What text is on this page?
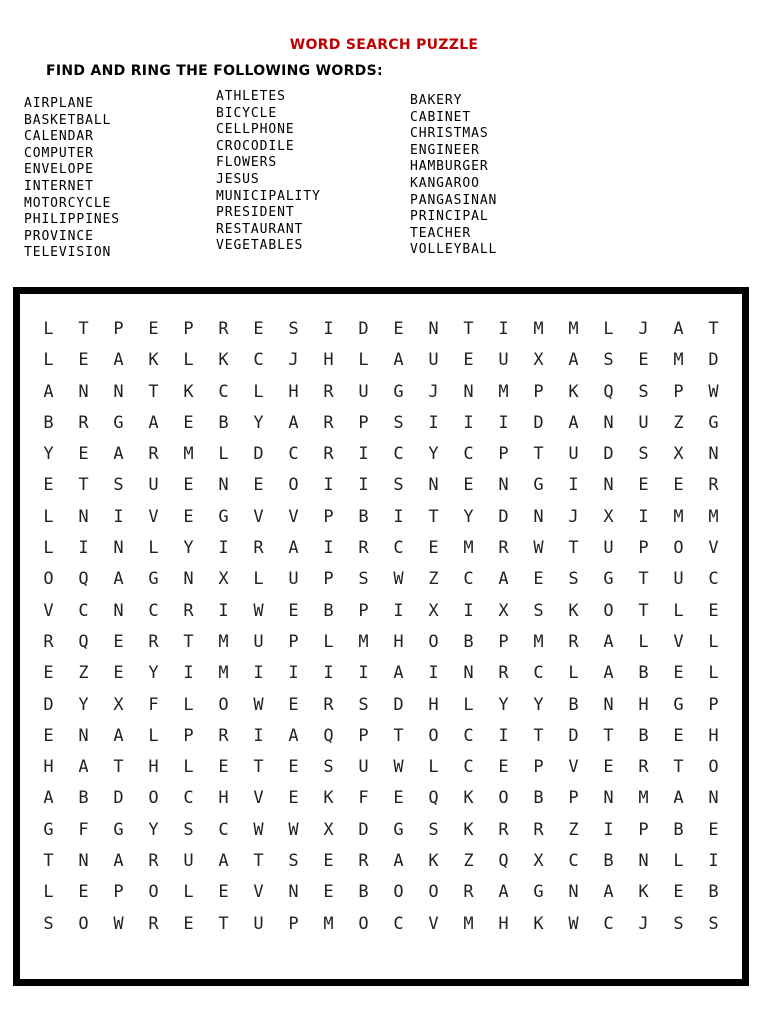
WORD SEARCH PUZZLE
FIND AND RING THE FOLLOWING WORDS:
AIRPLANE
BASKETBALL
CALENDAR
COMPUTER
ENVELOPE
INTERNET
MOTORCYCLE
PHILIPPINES
PROVINCE
TELEVISION
ATHLETES
BICYCLE
CELLPHONE
CROCODILE
FLOWERS
JESUS
MUNICIPALITY
PRESIDENT
RESTAURANT
VEGETABLES
BAKERY
CABINET
CHRISTMAS
ENGINEER
HAMBURGER
KANGAROO
PANGASINAN
PRINCIPAL
TEACHER
VOLLEYBALL
L	T	P	E	P	R	E	S	I	D	E	N	T	I	M	M	L	J	A	T
L	E	A	K	L	K	C	J	H	L	A	U	E	U	X	A	S	E	M	D
A	N	N	T	K	C	L	H	R	U	G	J	N	M	P	K	Q	S	P	W
B	R	G	A	E	B	Y	A	R	P	S	I	I	I	D	A	N	U	Z	G
Y	E	A	R	M	L	D	C	R	I	C	Y	C	P	T	U	D	S	X	N
E	T	S	U	E	N	E	O	I	I	S	N	E	N	G	I	N	E	E	R
L	N	I	V	E	G	V	V	P	B	I	T	Y	D	N	J	X	I	M	M
L	I	N	L	Y	I	R	A	I	R	C	E	M	R	W	T	U	P	O	V
O	Q	A	G	N	X	L	U	P	S	W	Z	C	A	E	S	G	T	U	C
V	C	N	C	R	I	W	E	B	P	I	X	I	X	S	K	O	T	L	E
R	Q	E	R	T	M	U	P	L	M	H	O	B	P	M	R	A	L	V	L
E	Z	E	Y	I	M	I	I	I	I	A	I	N	R	C	L	A	B	E	L
D	Y	X	F	L	O	W	E	R	S	D	H	L	Y	Y	B	N	H	G	P
E	N	A	L	P	R	I	A	Q	P	T	O	C	I	T	D	T	B	E	H
H	A	T	H	L	E	T	E	S	U	W	L	C	E	P	V	E	R	T	O
A	B	D	O	C	H	V	E	K	F	E	Q	K	O	B	P	N	M	A	N
G	F	G	Y	S	C	W	W	X	D	G	S	K	R	R	Z	I	P	B	E
T	N	A	R	U	A	T	S	E	R	A	K	Z	Q	X	C	B	N	L	I
L	E	P	O	L	E	V	N	E	B	O	O	R	A	G	N	A	K	E	B
S	O	W	R	E	T	U	P	M	O	C	V	M	H	K	W	C	J	S	S
